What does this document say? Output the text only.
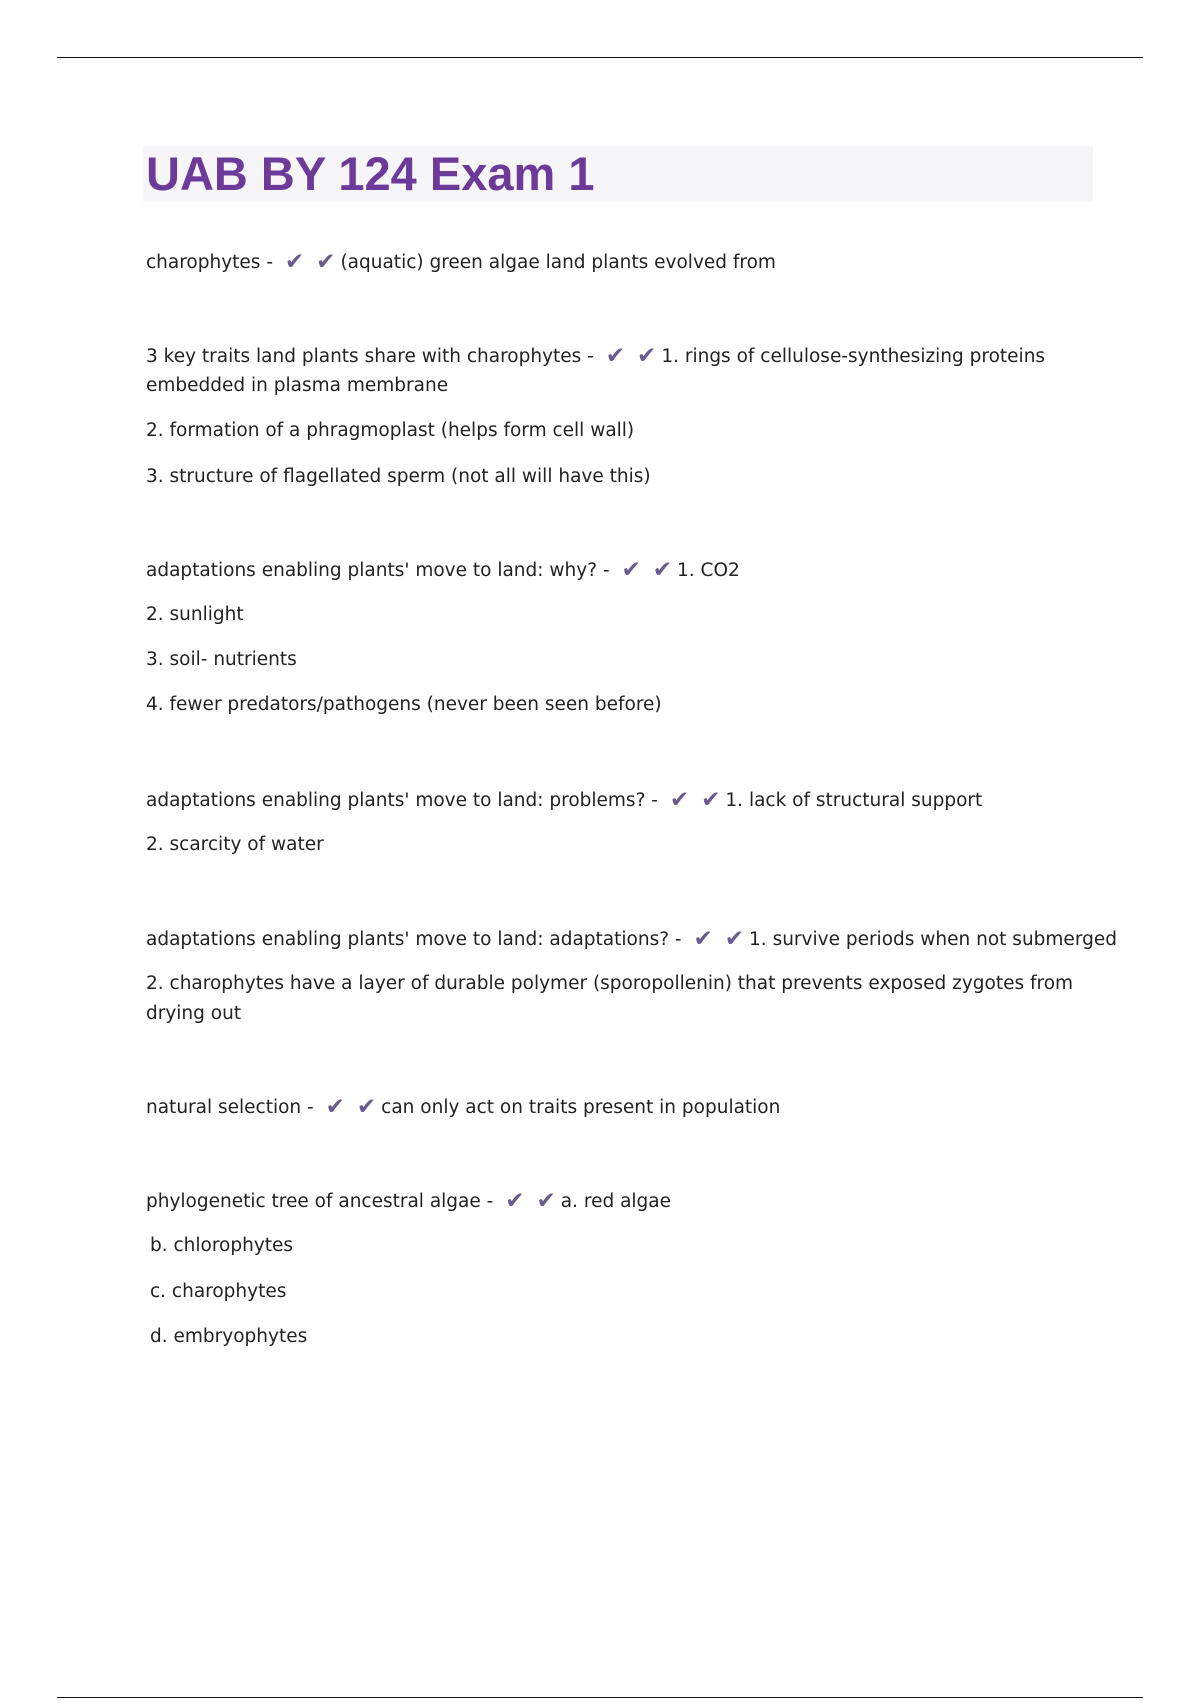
UAB BY 124 Exam 1

charophytes - ✔ ✔ (aquatic) green algae land plants evolved from

3 key traits land plants share with charophytes - ✔ ✔ 1. rings of cellulose-synthesizing proteins

embedded in plasma membrane

2. formation of a phragmoplast (helps form cell wall)

3. structure of flagellated sperm (not all will have this)

adaptations enabling plants' move to land: why? - ✔ ✔ 1. CO2

2. sunlight

3. soil- nutrients

4. fewer predators/pathogens (never been seen before)

adaptations enabling plants' move to land: problems? - ✔ ✔ 1. lack of structural support

2. scarcity of water

adaptations enabling plants' move to land: adaptations? - ✔ ✔ 1. survive periods when not submerged

2. charophytes have a layer of durable polymer (sporopollenin) that prevents exposed zygotes from

drying out

natural selection - ✔ ✔ can only act on traits present in population

phylogenetic tree of ancestral algae - ✔ ✔ a. red algae

b. chlorophytes

c. charophytes

d. embryophytes
